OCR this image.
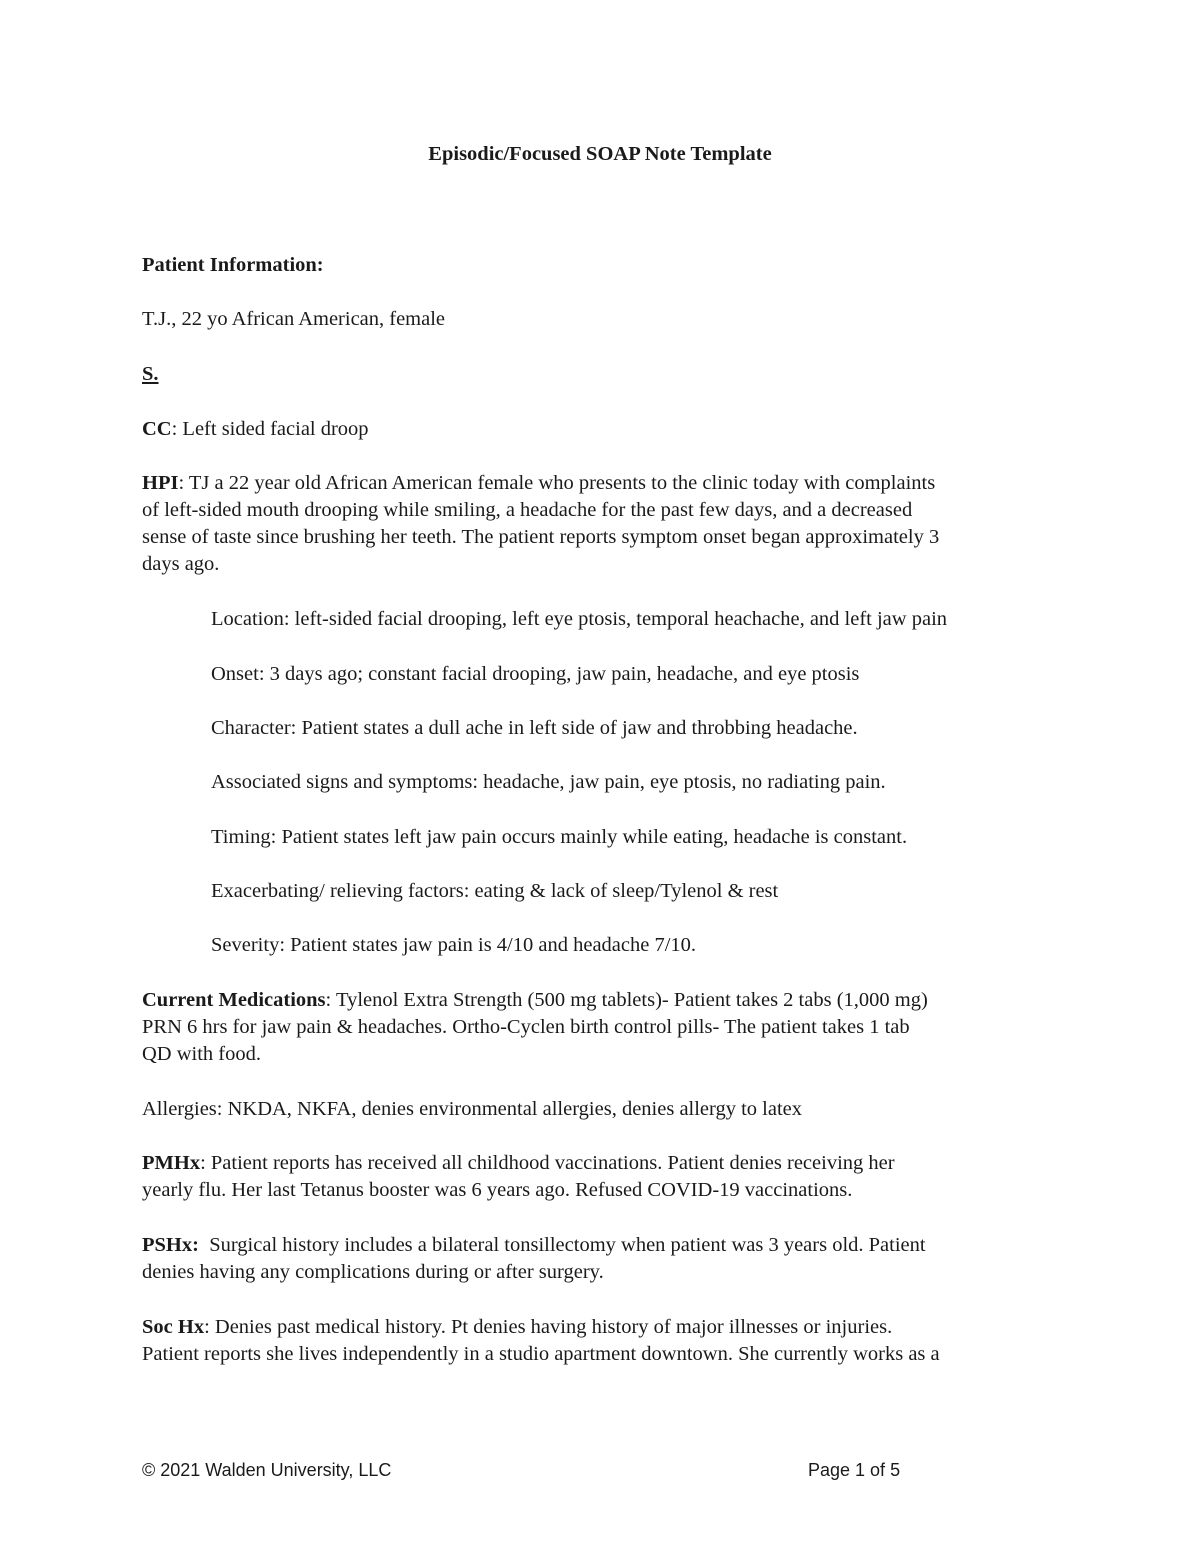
Episodic/Focused SOAP Note Template

Patient Information:

T.J., 22 yo African American, female

S.

CC: Left sided facial droop

HPI: TJ a 22 year old African American female who presents to the clinic today with complaints
of left-sided mouth drooping while smiling, a headache for the past few days, and a decreased
sense of taste since brushing her teeth. The patient reports symptom onset began approximately 3
days ago.

Location: left-sided facial drooping, left eye ptosis, temporal heachache, and left jaw pain

Onset: 3 days ago; constant facial drooping, jaw pain, headache, and eye ptosis

Character: Patient states a dull ache in left side of jaw and throbbing headache.

Associated signs and symptoms: headache, jaw pain, eye ptosis, no radiating pain.

Timing: Patient states left jaw pain occurs mainly while eating, headache is constant.

Exacerbating/ relieving factors: eating & lack of sleep/Tylenol & rest

Severity: Patient states jaw pain is 4/10 and headache 7/10.

Current Medications: Tylenol Extra Strength (500 mg tablets)- Patient takes 2 tabs (1,000 mg)
PRN 6 hrs for jaw pain & headaches. Ortho-Cyclen birth control pills- The patient takes 1 tab
QD with food.

Allergies: NKDA, NKFA, denies environmental allergies, denies allergy to latex

PMHx: Patient reports has received all childhood vaccinations. Patient denies receiving her
yearly flu. Her last Tetanus booster was 6 years ago. Refused COVID-19 vaccinations.
PSHx:  Surgical history includes a bilateral tonsillectomy when patient was 3 years old. Patient
denies having any complications during or after surgery.
Soc Hx: Denies past medical history. Pt denies having history of major illnesses or injuries.
Patient reports she lives independently in a studio apartment downtown. She currently works as a
© 2021 Walden University, LLC	Page 1 of 5
